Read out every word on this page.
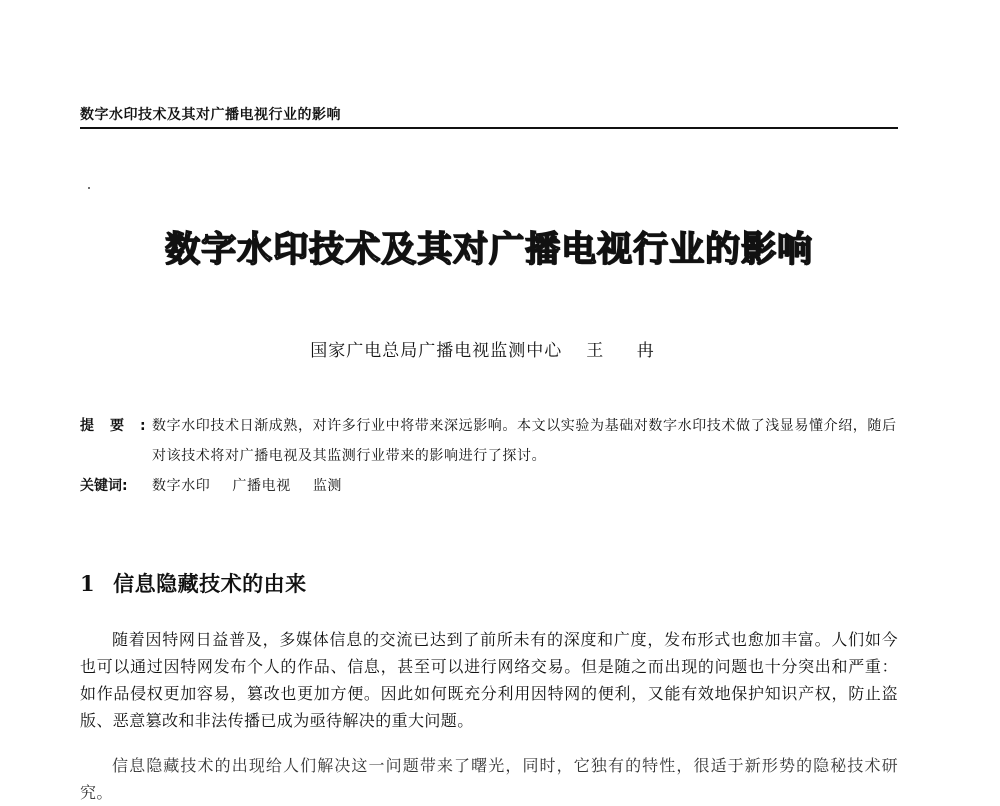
数字水印技术及其对广播电视行业的影响
数字水印技术及其对广播电视行业的影响
国家广电总局广播电视监测中心 王 冉
提要:
数字水印技术日渐成熟，对许多行业中将带来深远影响。本文以实验为基础对数字水印技术做了浅显易懂介绍，随后对该技术将对广播电视及其监测行业带来的影响进行了探讨。
关键词:	数字水印 广播电视 监测
1 信息隐藏技术的由来

随着因特网日益普及，多媒体信息的交流已达到了前所未有的深度和广度，发布形式也愈加丰富。人们如今也可以通过因特网发布个人的作品、信息，甚至可以进行网络交易。但是随之而出现的问题也十分突出和严重：如作品侵权更加容易，篡改也更加方便。因此如何既充分利用因特网的便利，又能有效地保护知识产权，防止盗版、恶意篡改和非法传播已成为亟待解决的重大问题。

信息隐藏技术的出现给人们解决这一问题带来了曙光，同时，它独有的特性，很适于新形势的隐秘技术研究。
